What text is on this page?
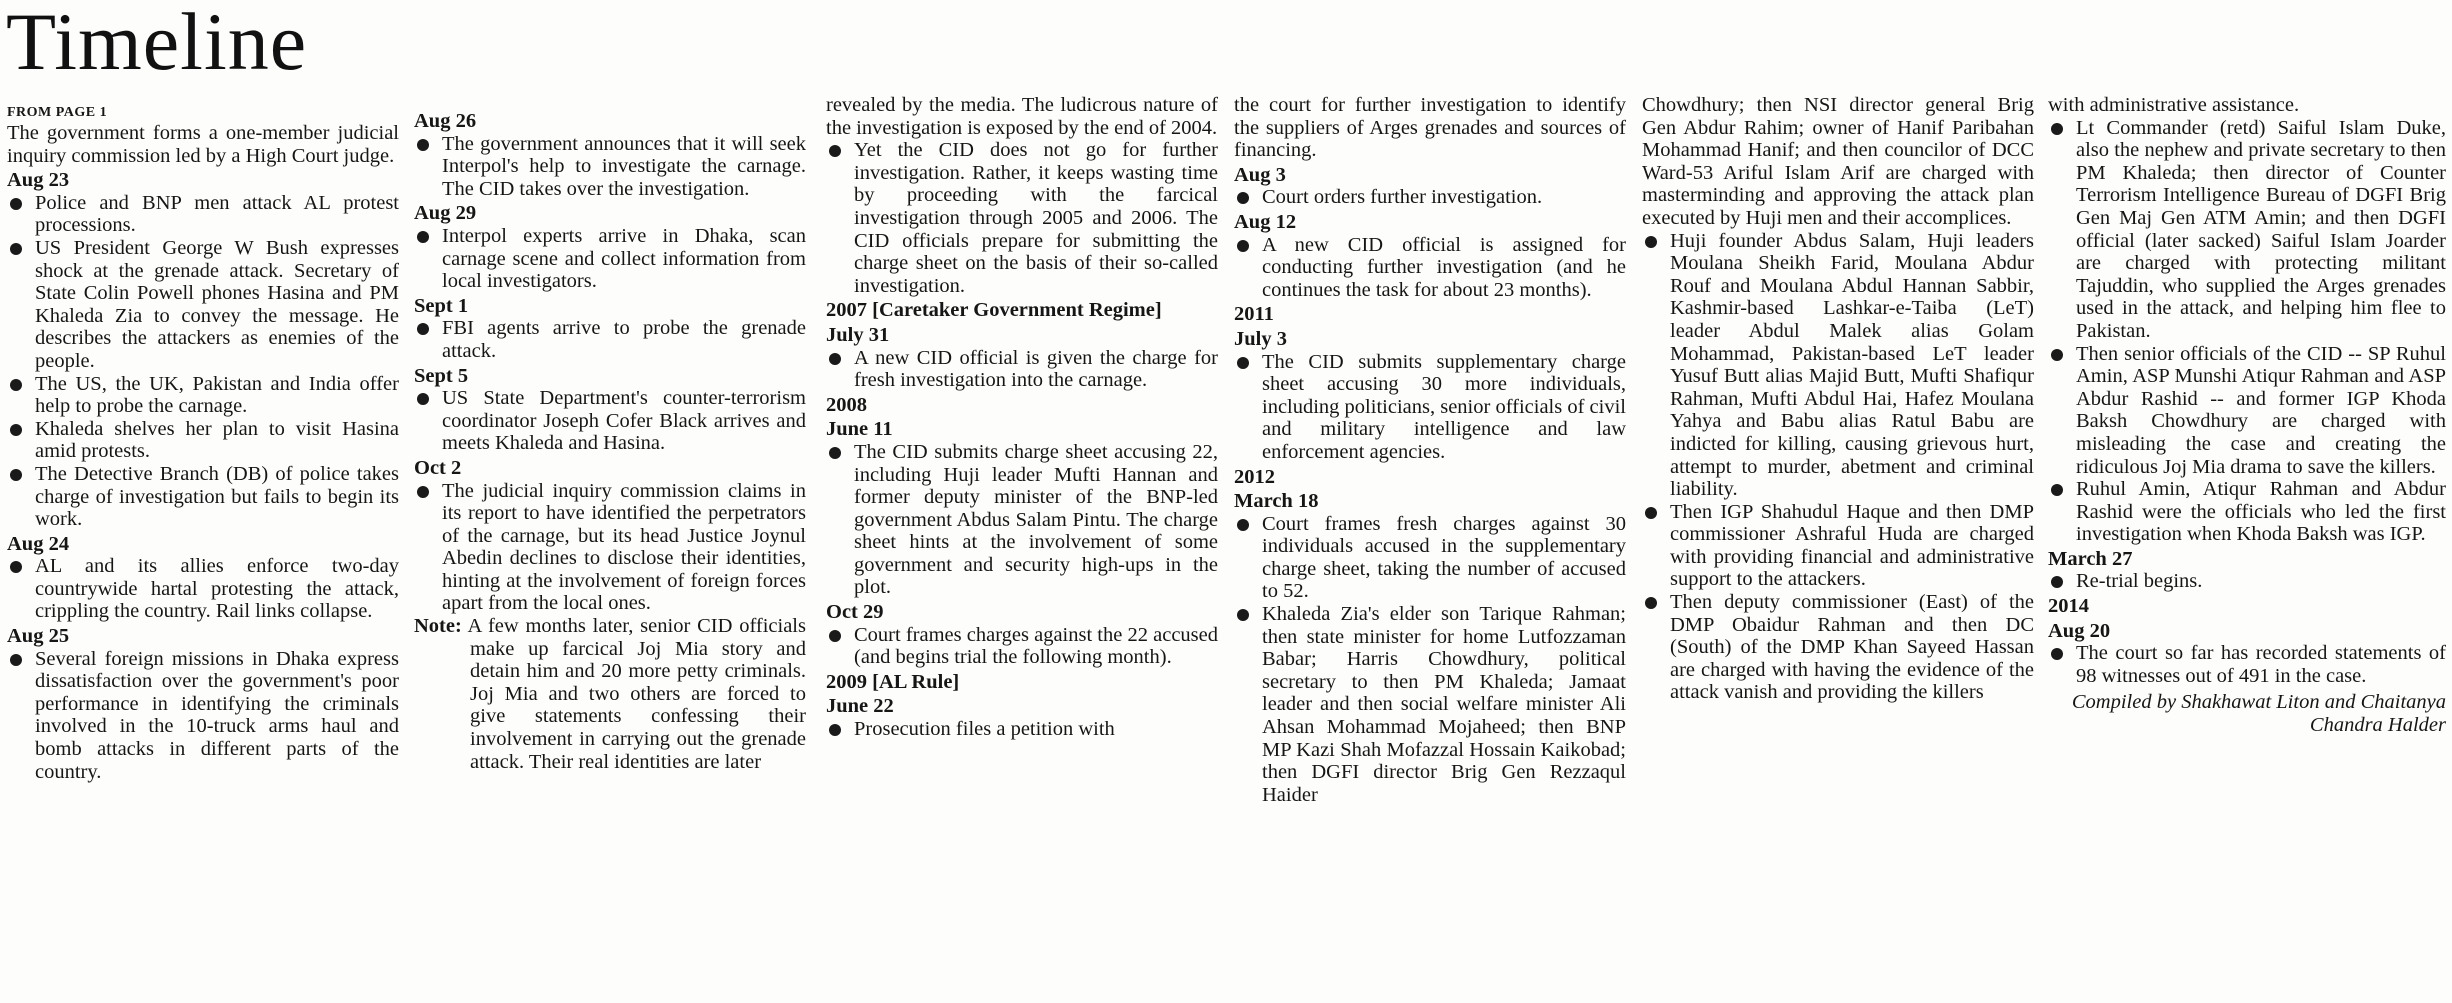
Timeline
FROM PAGE 1

The government forms a one-member judicial inquiry commission led by a High Court judge.

Aug 23

Police and BNP men attack AL protest processions.

US President George W Bush expresses shock at the grenade attack. Secretary of State Colin Powell phones Hasina and PM Khaleda Zia to convey the message. He describes the attackers as enemies of the people.

The US, the UK, Pakistan and India offer help to probe the carnage.

Khaleda shelves her plan to visit Hasina amid protests.

The Detective Branch (DB) of police takes charge of investigation but fails to begin its work.

Aug 24

AL and its allies enforce two-day countrywide hartal protesting the attack, crippling the country. Rail links collapse.

Aug 25

Several foreign missions in Dhaka express dissatisfaction over the government's poor performance in identifying the criminals involved in the 10-truck arms haul and bomb attacks in different parts of the country.

Aug 26

The government announces that it will seek Interpol's help to investigate the carnage. The CID takes over the investigation.

Aug 29

Interpol experts arrive in Dhaka, scan carnage scene and collect information from local investigators.

Sept 1

FBI agents arrive to probe the grenade attack.

Sept 5

US State Department's counter-terrorism coordinator Joseph Cofer Black arrives and meets Khaleda and Hasina.

Oct 2

The judicial inquiry commission claims in its report to have identified the perpetrators of the carnage, but its head Justice Joynul Abedin declines to disclose their identities, hinting at the involvement of foreign forces apart from the local ones.

Note: A few months later, senior CID officials make up farcical Joj Mia story and detain him and 20 more petty criminals. Joj Mia and two others are forced to give statements confessing their involvement in carrying out the grenade attack. Their real identities are later

revealed by the media. The ludicrous nature of the investigation is exposed by the end of 2004.

Yet the CID does not go for further investigation. Rather, it keeps wasting time by proceeding with the farcical investigation through 2005 and 2006. The CID officials prepare for submitting the charge sheet on the basis of their so-called investigation.

2007 [Caretaker Government Regime]
July 31

A new CID official is given the charge for fresh investigation into the carnage.

2008
June 11

The CID submits charge sheet accusing 22, including Huji leader Mufti Hannan and former deputy minister of the BNP-led government Abdus Salam Pintu. The charge sheet hints at the involvement of some government and security high-ups in the plot.

Oct 29

Court frames charges against the 22 accused (and begins trial the following month).

2009 [AL Rule]
June 22

Prosecution files a petition with

the court for further investigation to identify the suppliers of Arges grenades and sources of financing.

Aug 3

Court orders further investigation.

Aug 12

A new CID official is assigned for conducting further investigation (and he continues the task for about 23 months).

2011
July 3

The CID submits supplementary charge sheet accusing 30 more individuals, including politicians, senior officials of civil and military intelligence and law enforcement agencies.

2012
March 18

Court frames fresh charges against 30 individuals accused in the supplementary charge sheet, taking the number of accused to 52.

Khaleda Zia's elder son Tarique Rahman; then state minister for home Lutfozzaman Babar; Harris Chowdhury, political secretary to then PM Khaleda; Jamaat leader and then social welfare minister Ali Ahsan Mohammad Mojaheed; then BNP MP Kazi Shah Mofazzal Hossain Kaikobad; then DGFI director Brig Gen Rezzaqul Haider

Chowdhury; then NSI director general Brig Gen Abdur Rahim; owner of Hanif Paribahan Mohammad Hanif; and then councilor of DCC Ward-53 Ariful Islam Arif are charged with masterminding and approving the attack plan executed by Huji men and their accomplices.

Huji founder Abdus Salam, Huji leaders Moulana Sheikh Farid, Moulana Abdur Rouf and Moulana Abdul Hannan Sabbir, Kashmir-based Lashkar-e-Taiba (LeT) leader Abdul Malek alias Golam Mohammad, Pakistan-based LeT leader Yusuf Butt alias Majid Butt, Mufti Shafiqur Rahman, Mufti Abdul Hai, Hafez Moulana Yahya and Babu alias Ratul Babu are indicted for killing, causing grievous hurt, attempt to murder, abetment and criminal liability.

Then IGP Shahudul Haque and then DMP commissioner Ashraful Huda are charged with providing financial and administrative support to the attackers.

Then deputy commissioner (East) of the DMP Obaidur Rahman and then DC (South) of the DMP Khan Sayeed Hassan are charged with having the evidence of the attack vanish and providing the killers

with administrative assistance.

Lt Commander (retd) Saiful Islam Duke, also the nephew and private secretary to then PM Khaleda; then director of Counter Terrorism Intelligence Bureau of DGFI Brig Gen Maj Gen ATM Amin; and then DGFI official (later sacked) Saiful Islam Joarder are charged with protecting militant Tajuddin, who supplied the Arges grenades used in the attack, and helping him flee to Pakistan.

Then senior officials of the CID -- SP Ruhul Amin, ASP Munshi Atiqur Rahman and ASP Abdur Rashid -- and former IGP Khoda Baksh Chowdhury are charged with misleading the case and creating the ridiculous Joj Mia drama to save the killers.

Ruhul Amin, Atiqur Rahman and Abdur Rashid were the officials who led the first investigation when Khoda Baksh was IGP.

March 27

Re-trial begins.

2014
Aug 20

The court so far has recorded statements of 98 witnesses out of 491 in the case.

Compiled by Shakhawat Liton and Chaitanya Chandra Halder
